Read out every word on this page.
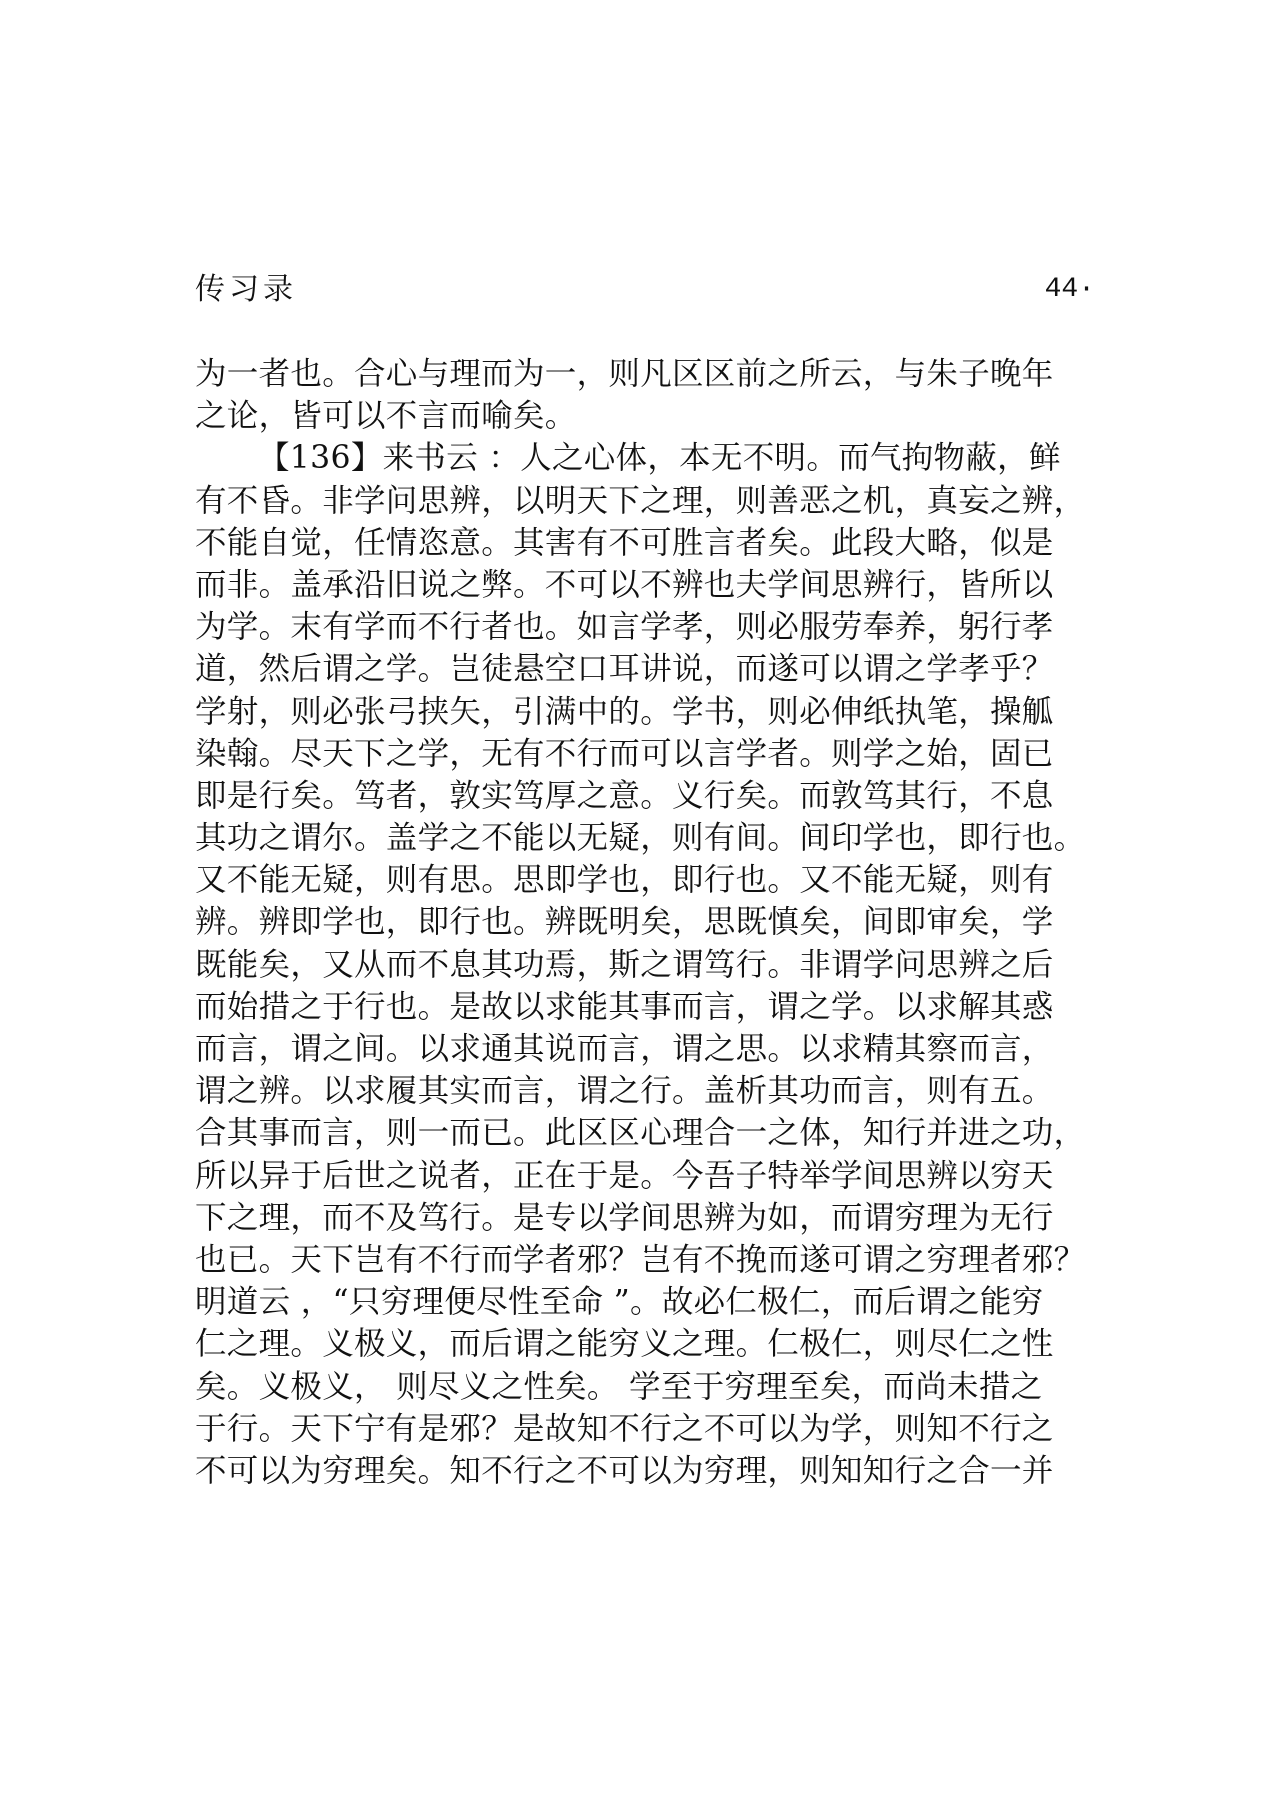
传习录	44·
为一者也。合心与理而为一，则凡区区前之所云，与朱子晚年
之论，皆可以不言而喻矣。
【136】来书云 ：人之心体，本无不明。而气拘物蔽，鲜
有不昏。非学问思辨，以明天下之理，则善恶之机，真妄之辨，
不能自觉，任情恣意。其害有不可胜言者矣。此段大略，似是
而非。盖承沿旧说之弊。不可以不辨也夫学间思辨行，皆所以
为学。末有学而不行者也。如言学孝，则必服劳奉养，躬行孝
道，然后谓之学。岂徒悬空口耳讲说，而遂可以谓之学孝乎？
学射，则必张弓挟矢，引满中的。学书，则必伸纸执笔，操觚
染翰。尽天下之学，无有不行而可以言学者。则学之始，固已
即是行矣。笃者，敦实笃厚之意。义行矣。而敦笃其行，不息
其功之谓尔。盖学之不能以无疑，则有间。间印学也，即行也。
又不能无疑，则有思。思即学也，即行也。又不能无疑，则有
辨。辨即学也，即行也。辨既明矣，思既慎矣，间即审矣，学
既能矣，又从而不息其功焉，斯之谓笃行。非谓学问思辨之后
而始措之于行也。是故以求能其事而言，谓之学。以求解其惑
而言，谓之间。以求通其说而言，谓之思。以求精其察而言，
谓之辨。以求履其实而言，谓之行。盖析其功而言，则有五。
合其事而言，则一而已。此区区心理合一之体，知行并进之功，
所以异于后世之说者，正在于是。今吾子特举学间思辨以穷天
下之理，而不及笃行。是专以学间思辨为如，而谓穷理为无行
也已。天下岂有不行而学者邪？岂有不挽而遂可谓之穷理者邪？
明道云 ，“只穷理便尽性至命 ”。故必仁极仁，而后谓之能穷
仁之理。义极义，而后谓之能穷义之理。仁极仁，则尽仁之性
矣。义极义， 则尽义之性矣。 学至于穷理至矣，而尚未措之
于行。天下宁有是邪？是故知不行之不可以为学，则知不行之
不可以为穷理矣。知不行之不可以为穷理，则知知行之合一并
